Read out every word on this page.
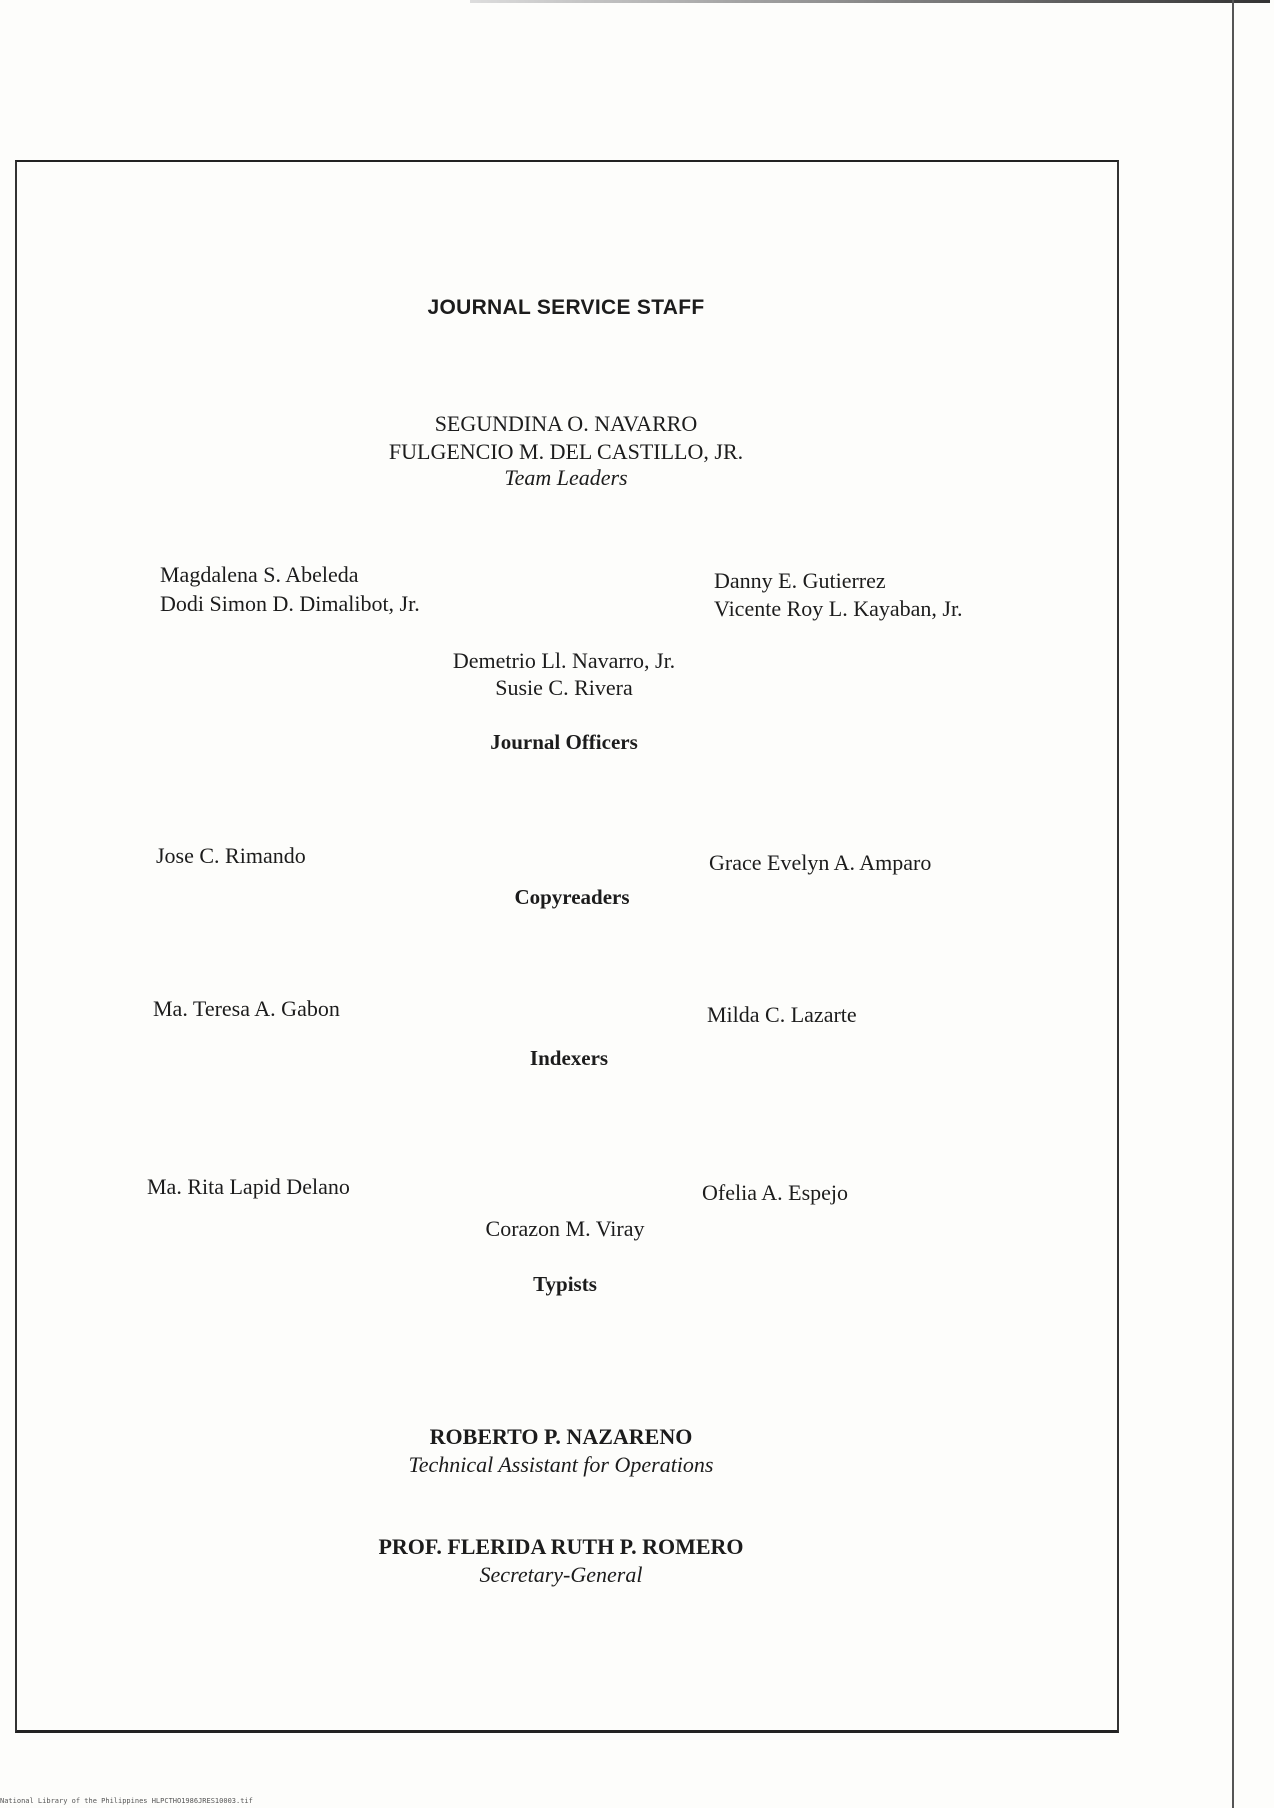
JOURNAL SERVICE STAFF
SEGUNDINA O. NAVARRO
FULGENCIO M. DEL CASTILLO, JR.
Team Leaders
Magdalena S. Abeleda
Dodi Simon D. Dimalibot, Jr.
Danny E. Gutierrez
Vicente Roy L. Kayaban, Jr.
Demetrio Ll. Navarro, Jr.
Susie C. Rivera
Journal Officers
Jose C. Rimando	Grace Evelyn A. Amparo
Copyreaders
Ma. Teresa A. Gabon	Milda C. Lazarte
Indexers
Ma. Rita Lapid Delano	Ofelia A. Espejo
Corazon M. Viray
Typists
ROBERTO P. NAZARENO
Technical Assistant for Operations
PROF. FLERIDA RUTH P. ROMERO
Secretary-General
National Library of the Philippines HLPCTHO1986JRES10003.tif
